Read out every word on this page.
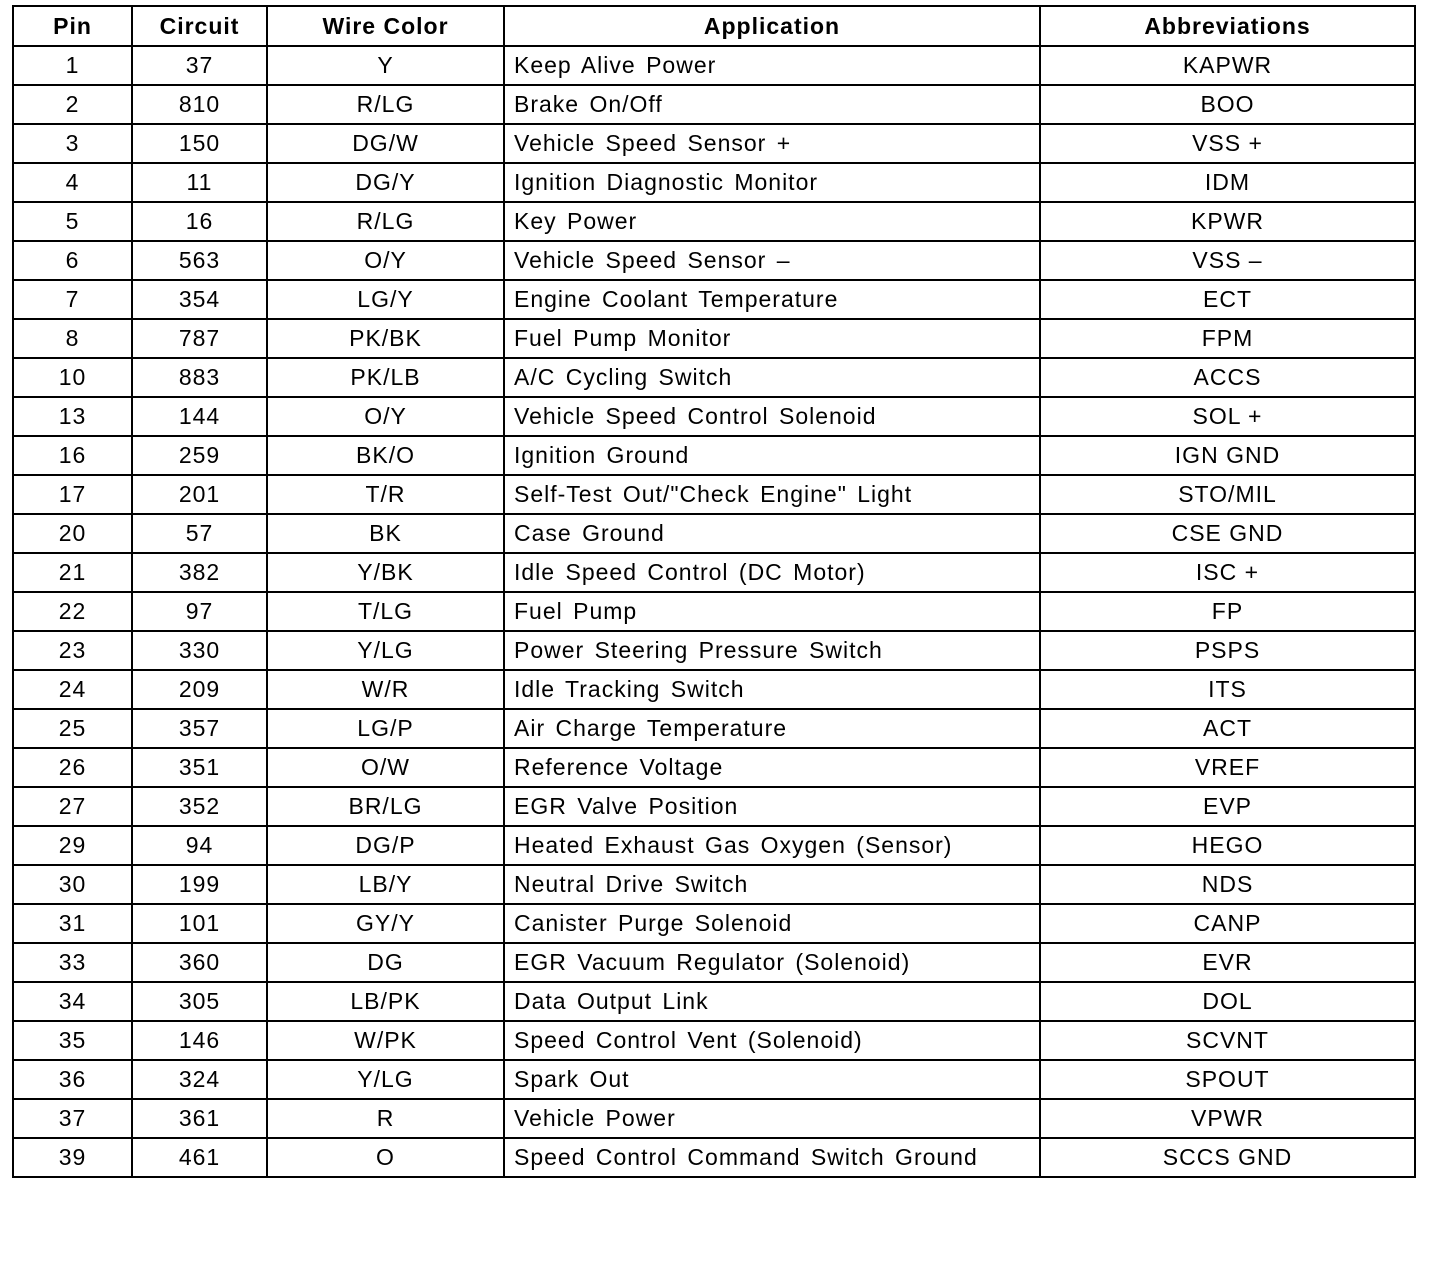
Pin	Circuit	Wire Color	Application	Abbreviations
1	37	Y	Keep Alive Power	KAPWR
2	810	R/LG	Brake On/Off	BOO
3	150	DG/W	Vehicle Speed Sensor +	VSS +
4	11	DG/Y	Ignition Diagnostic Monitor	IDM
5	16	R/LG	Key Power	KPWR
6	563	O/Y	Vehicle Speed Sensor –	VSS –
7	354	LG/Y	Engine Coolant Temperature	ECT
8	787	PK/BK	Fuel Pump Monitor	FPM
10	883	PK/LB	A/C Cycling Switch	ACCS
13	144	O/Y	Vehicle Speed Control Solenoid	SOL +
16	259	BK/O	Ignition Ground	IGN GND
17	201	T/R	Self-Test Out/"Check Engine" Light	STO/MIL
20	57	BK	Case Ground	CSE GND
21	382	Y/BK	Idle Speed Control (DC Motor)	ISC +
22	97	T/LG	Fuel Pump	FP
23	330	Y/LG	Power Steering Pressure Switch	PSPS
24	209	W/R	Idle Tracking Switch	ITS
25	357	LG/P	Air Charge Temperature	ACT
26	351	O/W	Reference Voltage	VREF
27	352	BR/LG	EGR Valve Position	EVP
29	94	DG/P	Heated Exhaust Gas Oxygen (Sensor)	HEGO
30	199	LB/Y	Neutral Drive Switch	NDS
31	101	GY/Y	Canister Purge Solenoid	CANP
33	360	DG	EGR Vacuum Regulator (Solenoid)	EVR
34	305	LB/PK	Data Output Link	DOL
35	146	W/PK	Speed Control Vent (Solenoid)	SCVNT
36	324	Y/LG	Spark Out	SPOUT
37	361	R	Vehicle Power	VPWR
39	461	O	Speed Control Command Switch Ground	SCCS GND
